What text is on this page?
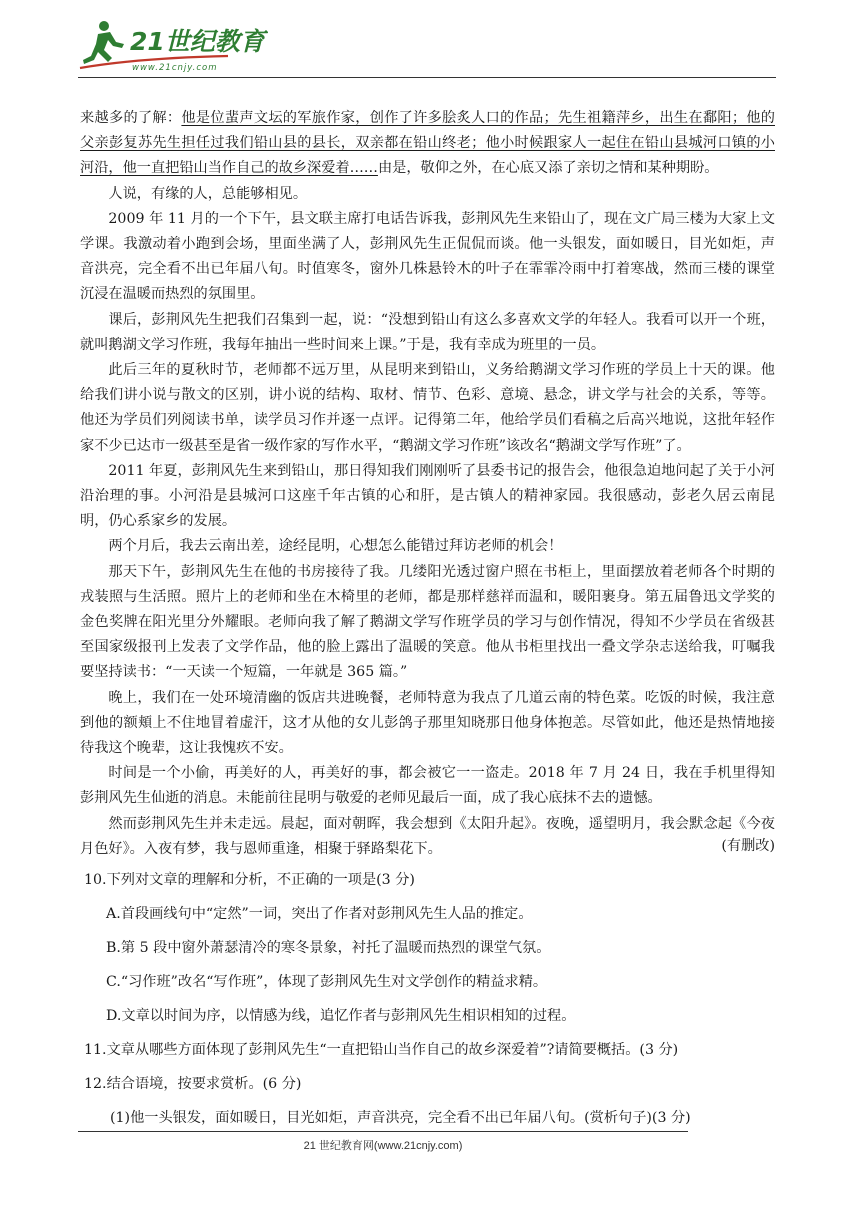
21世纪教育
www.21cnjy.com

来越多的了解：他是位蜚声文坛的军旅作家，创作了许多脍炙人口的作品；先生祖籍萍乡，出生在鄱阳；他的父亲彭复苏先生担任过我们铅山县的县长，双亲都在铅山终老；他小时候跟家人一起住在铅山县城河口镇的小河沿，他一直把铅山当作自己的故乡深爱着……由是，敬仰之外，在心底又添了亲切之情和某种期盼。

人说，有缘的人，总能够相见。

2009 年 11 月的一个下午，县文联主席打电话告诉我，彭荆风先生来铅山了，现在文广局三楼为大家上文学课。我激动着小跑到会场，里面坐满了人，彭荆风先生正侃侃而谈。他一头银发，面如暖日，目光如炬，声音洪亮，完全看不出已年届八旬。时值寒冬，窗外几株悬铃木的叶子在霏霏冷雨中打着寒战，然而三楼的课堂沉浸在温暖而热烈的氛围里。

课后，彭荆风先生把我们召集到一起，说：“没想到铅山有这么多喜欢文学的年轻人。我看可以开一个班，就叫鹅湖文学习作班，我每年抽出一些时间来上课。”于是，我有幸成为班里的一员。

此后三年的夏秋时节，老师都不远万里，从昆明来到铅山，义务给鹅湖文学习作班的学员上十天的课。他给我们讲小说与散文的区别，讲小说的结构、取材、情节、色彩、意境、悬念，讲文学与社会的关系，等等。他还为学员们列阅读书单，读学员习作并逐一点评。记得第二年，他给学员们看稿之后高兴地说，这批年轻作家不少已达市一级甚至是省一级作家的写作水平，“鹅湖文学习作班”该改名“鹅湖文学写作班”了。

2011 年夏，彭荆风先生来到铅山，那日得知我们刚刚听了县委书记的报告会，他很急迫地问起了关于小河沿治理的事。小河沿是县城河口这座千年古镇的心和肝，是古镇人的精神家园。我很感动，彭老久居云南昆明，仍心系家乡的发展。

两个月后，我去云南出差，途经昆明，心想怎么能错过拜访老师的机会！

那天下午，彭荆风先生在他的书房接待了我。几缕阳光透过窗户照在书柜上，里面摆放着老师各个时期的戎装照与生活照。照片上的老师和坐在木椅里的老师，都是那样慈祥而温和，暖阳裹身。第五届鲁迅文学奖的金色奖牌在阳光里分外耀眼。老师向我了解了鹅湖文学写作班学员的学习与创作情况，得知不少学员在省级甚至国家级报刊上发表了文学作品，他的脸上露出了温暖的笑意。他从书柜里找出一叠文学杂志送给我，叮嘱我要坚持读书：“一天读一个短篇，一年就是 365 篇。”

晚上，我们在一处环境清幽的饭店共进晚餐，老师特意为我点了几道云南的特色菜。吃饭的时候，我注意到他的额頬上不住地冒着虚汗，这才从他的女儿彭鸽子那里知晓那日他身体抱恙。尽管如此，他还是热情地接待我这个晚辈，这让我愧疚不安。

时间是一个小偷，再美好的人，再美好的事，都会被它一一盗走。2018 年 7 月 24 日，我在手机里得知彭荆风先生仙逝的消息。未能前往昆明与敬爱的老师见最后一面，成了我心底抹不去的遗憾。

然而彭荆风先生并未走远。晨起，面对朝晖，我会想到《太阳升起》。夜晚，遥望明月，我会默念起《今夜月色好》。入夜有梦，我与恩师重逢，相聚于驿路梨花下。	(有删改)

10.下列对文章的理解和分析，不正确的一项是(3 分)

A.首段画线句中“定然”一词，突出了作者对彭荆风先生人品的推定。

B.第 5 段中窗外萧瑟清冷的寒冬景象，衬托了温暖而热烈的课堂气氛。

C.“习作班”改名“写作班”，体现了彭荆风先生对文学创作的精益求精。

D.文章以时间为序，以情感为线，追忆作者与彭荆风先生相识相知的过程。

11.文章从哪些方面体现了彭荆风先生“一直把铅山当作自己的故乡深爱着”?请简要概括。(3 分)

12.结合语境，按要求赏析。(6 分)

(1)他一头银发，面如暖日，目光如炬，声音洪亮，完全看不出已年届八旬。(赏析句子)(3 分)

21 世纪教育网(www.21cnjy.com)
